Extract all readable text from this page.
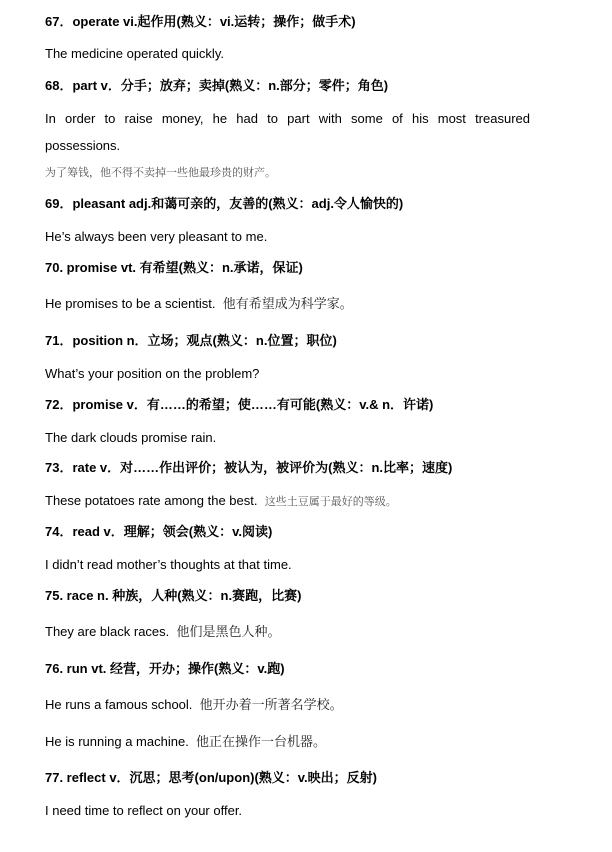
67．operate vi.起作用(熟义：vi.运转；操作；做手术)
The medicine operated quickly.
68．part v．分手；放弃；卖掉(熟义：n.部分；零件；角色)
In order to raise money, he had to part with some of his most treasured
possessions.
为了筹钱，他不得不卖掉一些他最珍贵的财产。
69．pleasant adj.和蔼可亲的，友善的(熟义：adj.令人愉快的)
He’s always been very pleasant to me.
70. promise vt. 有希望(熟义：n.承诺，保证)
He promises to be a scientist. 他有希望成为科学家。
71．position n．立场；观点(熟义：n.位置；职位)
What’s your position on the problem?
72．promise v．有……的希望；使……有可能(熟义：v.& n．许诺)
The dark clouds promise rain.
73．rate v．对……作出评价；被认为，被评价为(熟义：n.比率；速度)
These potatoes rate among the best. 这些土豆属于最好的等级。
74．read v．理解；领会(熟义：v.阅读)
I didn’t read mother’s thoughts at that time.
75. race n. 种族，人种(熟义：n.赛跑，比赛)
They are black races. 他们是黑色人种。
76. run vt. 经营，开办；操作(熟义：v.跑)
He runs a famous school. 他开办着一所著名学校。
He is running a machine. 他正在操作一台机器。
77. reflect v．沉思；思考(on/upon)(熟义：v.映出；反射)
I need time to reflect on your offer.
